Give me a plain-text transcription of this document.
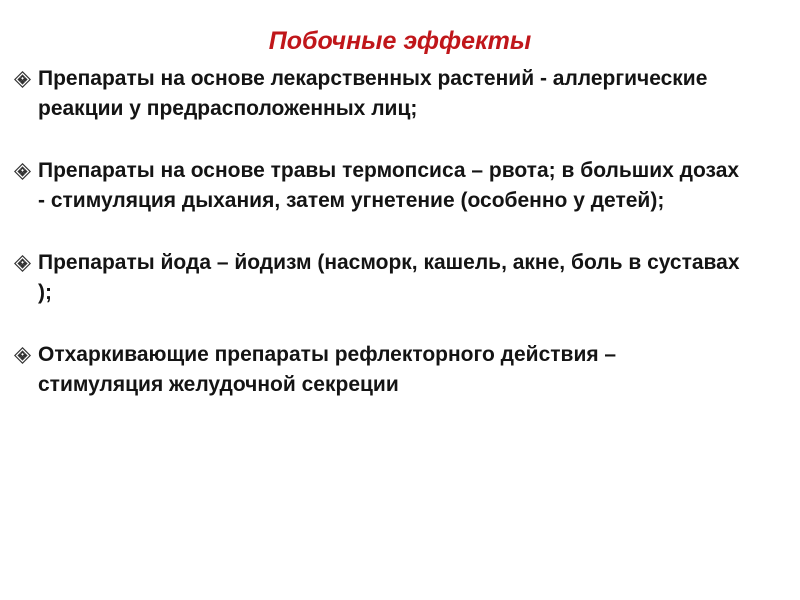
Побочные эффекты
Препараты на основе лекарственных растений - аллергические реакции у предрасположенных лиц;
Препараты на основе травы термопсиса – рвота; в больших дозах - стимуляция дыхания, затем угнетение (особенно у детей);
Препараты йода – йодизм (насморк, кашель, акне, боль в суставах );
Отхаркивающие препараты рефлекторного действия – стимуляция желудочной секреции
